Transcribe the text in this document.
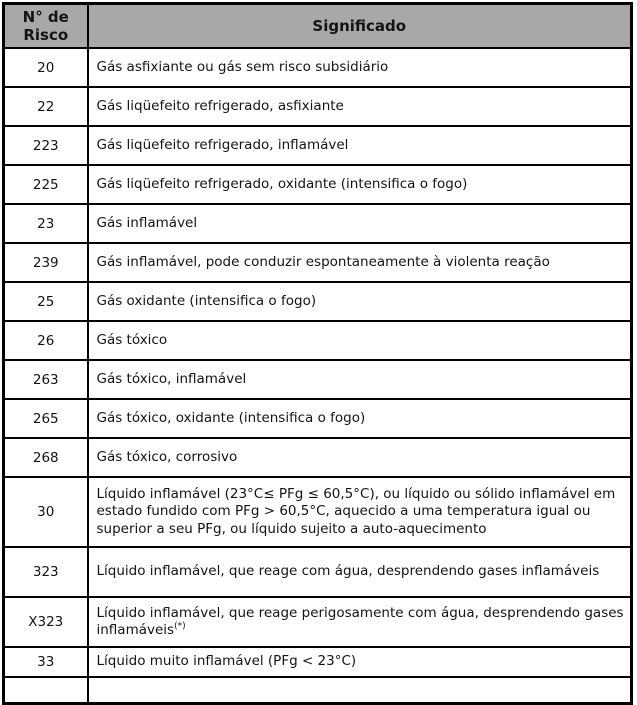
N° de Risco	Significado
20	Gás asfixiante ou gás sem risco subsidiário
22	Gás liqüefeito refrigerado, asfixiante
223	Gás liqüefeito refrigerado, inflamável
225	Gás liqüefeito refrigerado, oxidante (intensifica o fogo)
23	Gás inflamável
239	Gás inflamável, pode conduzir espontaneamente à violenta reação
25	Gás oxidante (intensifica o fogo)
26	Gás tóxico
263	Gás tóxico, inflamável
265	Gás tóxico, oxidante (intensifica o fogo)
268	Gás tóxico, corrosivo
30	Líquido inflamável (23°C≤ PFg ≤ 60,5°C), ou líquido ou sólido inflamável em estado fundido com PFg > 60,5°C, aquecido a uma temperatura igual ou superior a seu PFg, ou líquido sujeito a auto-aquecimento
323	Líquido inflamável, que reage com água, desprendendo gases inflamáveis
X323	Líquido inflamável, que reage perigosamente com água, desprendendo gases inflamáveis(*)
33	Líquido muito inflamável (PFg < 23°C)
